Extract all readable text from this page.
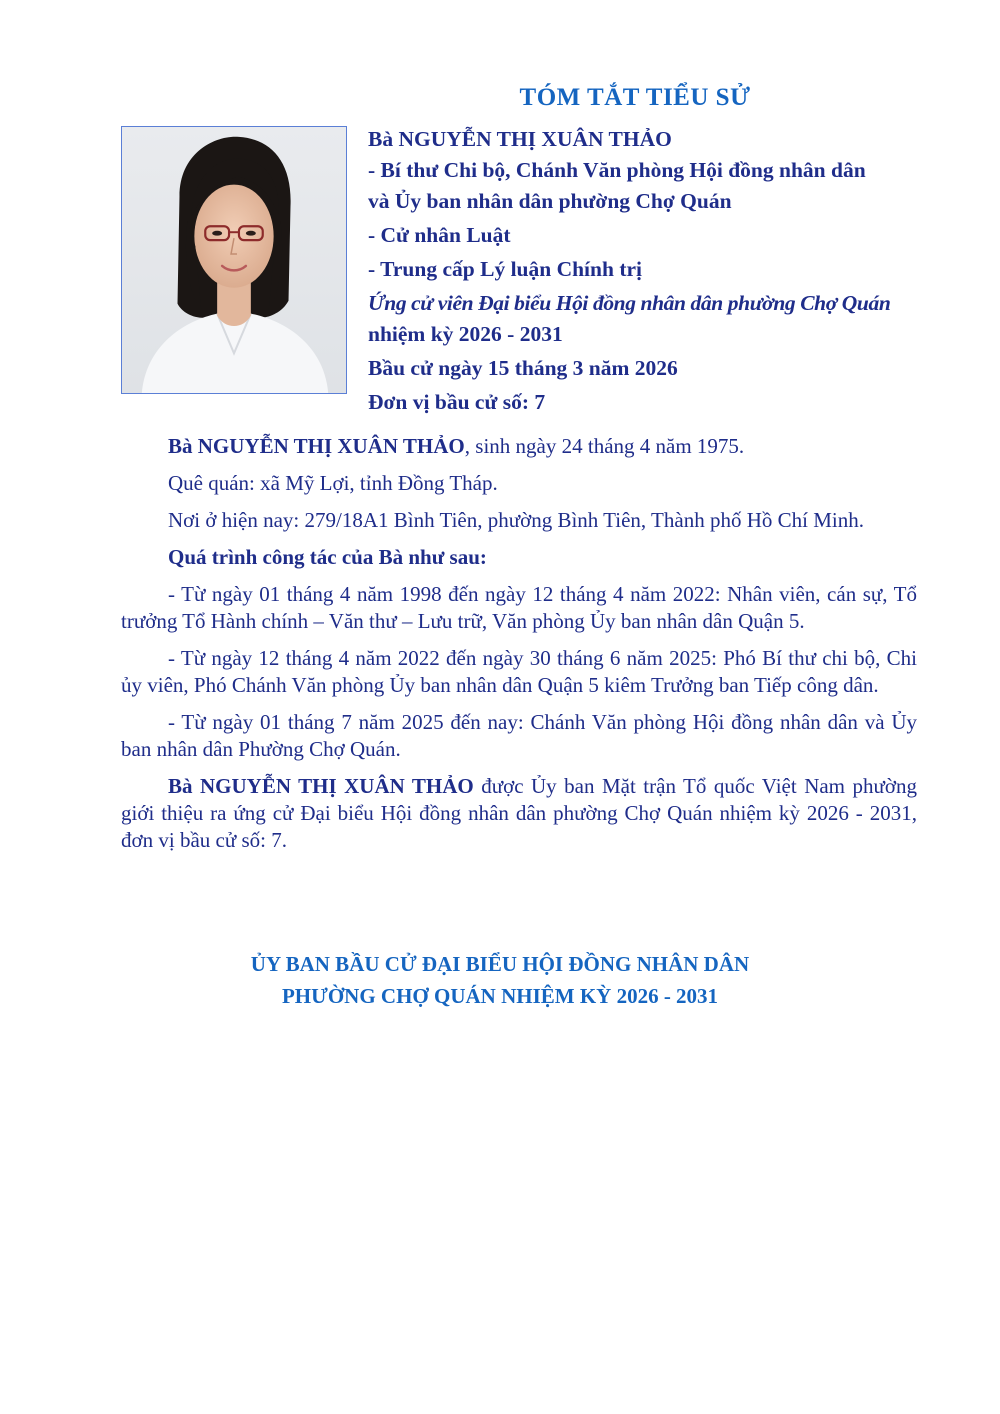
TÓM TẮT TIỂU SỬ
Bà NGUYỄN THỊ XUÂN THẢO
- Bí thư Chi bộ, Chánh Văn phòng Hội đồng nhân dân
và Ủy ban nhân dân phường Chợ Quán
- Cử nhân Luật
- Trung cấp Lý luận Chính trị
Ứng cử viên Đại biểu Hội đồng nhân dân phường Chợ Quán
nhiệm kỳ 2026 - 2031
Bầu cử ngày 15 tháng 3 năm 2026
Đơn vị bầu cử số: 7

Bà NGUYỄN THỊ XUÂN THẢO, sinh ngày 24 tháng 4 năm 1975.

Quê quán: xã Mỹ Lợi, tỉnh Đồng Tháp.

Nơi ở hiện nay: 279/18A1 Bình Tiên, phường Bình Tiên, Thành phố Hồ Chí Minh.

Quá trình công tác của Bà như sau:

- Từ ngày 01 tháng 4 năm 1998 đến ngày 12 tháng 4 năm 2022: Nhân viên, cán sự, Tổ trưởng Tổ Hành chính – Văn thư – Lưu trữ, Văn phòng Ủy ban nhân dân Quận 5.

- Từ ngày 12 tháng 4 năm 2022 đến ngày 30 tháng 6 năm 2025: Phó Bí thư chi bộ, Chi ủy viên, Phó Chánh Văn phòng Ủy ban nhân dân Quận 5 kiêm Trưởng ban Tiếp công dân.

- Từ ngày 01 tháng 7 năm 2025 đến nay: Chánh Văn phòng Hội đồng nhân dân và Ủy ban nhân dân Phường Chợ Quán.

Bà NGUYỄN THỊ XUÂN THẢO được Ủy ban Mặt trận Tổ quốc Việt Nam phường giới thiệu ra ứng cử Đại biểu Hội đồng nhân dân phường Chợ Quán nhiệm kỳ 2026 - 2031, đơn vị bầu cử số: 7.

ỦY BAN BẦU CỬ ĐẠI BIỂU HỘI ĐỒNG NHÂN DÂN
PHƯỜNG CHỢ QUÁN NHIỆM KỲ 2026 - 2031
